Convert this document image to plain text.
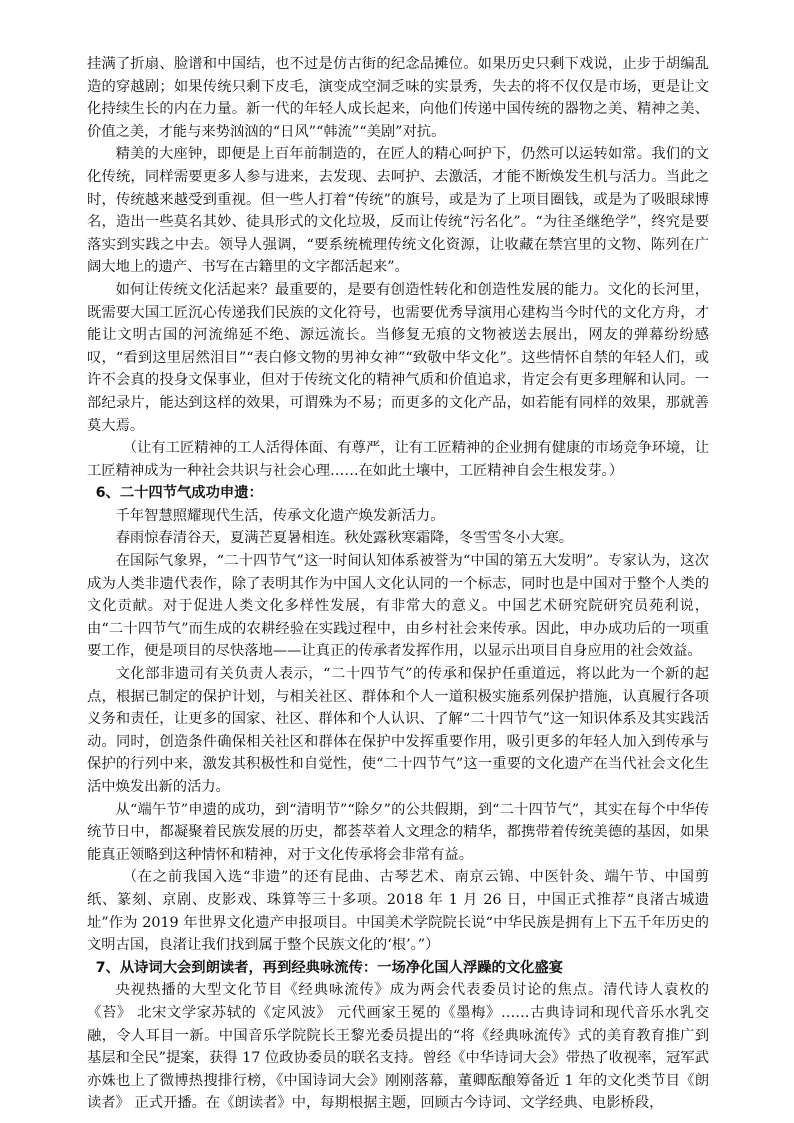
挂满了折扇、脸谱和中国结，也不过是仿古街的纪念品摊位。如果历史只剩下戏说，止步于胡编乱造的穿越剧；如果传统只剩下皮毛，演变成空洞乏味的实景秀，失去的将不仅仅是市场，更是让文化持续生长的内在力量。新一代的年轻人成长起来，向他们传递中国传统的器物之美、精神之美、价值之美，才能与来势汹汹的“日风”“韩流”“美剧”对抗。

精美的大座钟，即便是上百年前制造的，在匠人的精心呵护下，仍然可以运转如常。我们的文化传统，同样需要更多人参与进来，去发现、去呵护、去激活，才能不断焕发生机与活力。当此之时，传统越来越受到重视。但一些人打着“传统”的旗号，或是为了上项目圈钱，或是为了吸眼球博名，造出一些莫名其妙、徒具形式的文化垃圾，反而让传统“污名化”。“为往圣继绝学”，终究是要落实到实践之中去。领导人强调，“要系统梳理传统文化资源，让收藏在禁宫里的文物、陈列在广阔大地上的遗产、书写在古籍里的文字都活起来”。

如何让传统文化活起来？最重要的，是要有创造性转化和创造性发展的能力。文化的长河里，既需要大国工匠沉心传递我们民族的文化符号，也需要优秀导演用心建构当今时代的文化方舟，才能让文明古国的河流绵延不绝、源远流长。当修复无痕的文物被送去展出，网友的弹幕纷纷感叹，“看到这里居然泪目”“表白修文物的男神女神”“致敬中华文化”。这些情怀自禁的年轻人们，或许不会真的投身文保事业，但对于传统文化的精神气质和价值追求，肯定会有更多理解和认同。一部纪录片，能达到这样的效果，可谓殊为不易；而更多的文化产品，如若能有同样的效果，那就善莫大焉。

（让有工匠精神的工人活得体面、有尊严，让有工匠精神的企业拥有健康的市场竞争环境，让工匠精神成为一种社会共识与社会心理……在如此土壤中，工匠精神自会生根发芽。）

6、二十四节气成功申遗：

千年智慧照耀现代生活，传承文化遗产焕发新活力。

春雨惊春清谷天，夏满芒夏暑相连。秋处露秋寒霜降，冬雪雪冬小大寒。

在国际气象界，“二十四节气”这一时间认知体系被誉为“中国的第五大发明”。专家认为，这次成为人类非遗代表作，除了表明其作为中国人文化认同的一个标志，同时也是中国对于整个人类的文化贡献。对于促进人类文化多样性发展，有非常大的意义。中国艺术研究院研究员苑利说，由“二十四节气”而生成的农耕经验在实践过程中，由乡村社会来传承。因此，申办成功后的一项重要工作，便是项目的尽快落地——让真正的传承者发挥作用，以显示出项目自身应用的社会效益。

文化部非遗司有关负责人表示，“二十四节气”的传承和保护任重道远，将以此为一个新的起点，根据已制定的保护计划，与相关社区、群体和个人一道积极实施系列保护措施，认真履行各项义务和责任，让更多的国家、社区、群体和个人认识、了解“二十四节气”这一知识体系及其实践活动。同时，创造条件确保相关社区和群体在保护中发挥重要作用，吸引更多的年轻人加入到传承与保护的行列中来，激发其积极性和自觉性，使“二十四节气”这一重要的文化遗产在当代社会文化生活中焕发出新的活力。

从“端午节”申遗的成功，到“清明节”“除夕”的公共假期，到“二十四节气”，其实在每个中华传统节日中，都凝聚着民族发展的历史，都荟萃着人文理念的精华，都携带着传统美德的基因，如果能真正领略到这种情怀和精神，对于文化传承将会非常有益。

（在之前我国入选“非遗”的还有昆曲、古琴艺术、南京云锦、中医针灸、端午节、中国剪纸、篆刻、京剧、皮影戏、珠算等三十多项。2018 年 1 月 26 日，中国正式推荐“良渚古城遗址”作为 2019 年世界文化遗产申报项目。中国美术学院院长说“中华民族是拥有上下五千年历史的文明古国，良渚让我们找到属于整个民族文化的‘根’。”）

7、从诗词大会到朗读者，再到经典咏流传：一场净化国人浮躁的文化盛宴

央视热播的大型文化节目《经典咏流传》成为两会代表委员讨论的焦点。清代诗人袁枚的《苔》 北宋文学家苏轼的《定风波》 元代画家王冕的《墨梅》……古典诗词和现代音乐水乳交融，令人耳目一新。中国音乐学院院长王黎光委员提出的“将《经典咏流传》式的美育教育推广到基层和全民”提案，获得 17 位政协委员的联名支持。曾经《中华诗词大会》带热了收视率，冠军武亦姝也上了微博热搜排行榜，《中国诗词大会》刚刚落幕，董卿酝酿筹备近 1 年的文化类节目《朗读者》 正式开播。在《朗读者》中，每期根据主题，回顾古今诗词、文学经典、电影桥段，
